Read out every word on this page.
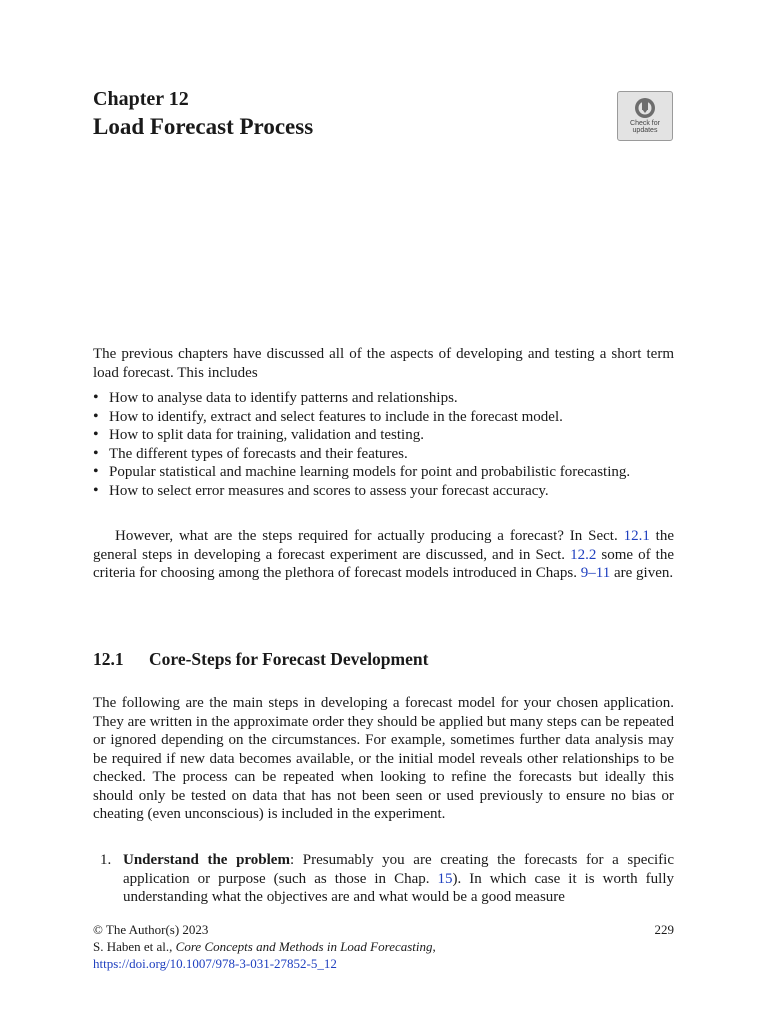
Chapter 12
Load Forecast Process	Check for
updates
The previous chapters have discussed all of the aspects of developing and testing a short term load forecast. This includes
• How to analyse data to identify patterns and relationships.
• How to identify, extract and select features to include in the forecast model.
• How to split data for training, validation and testing.
• The different types of forecasts and their features.
• Popular statistical and machine learning models for point and probabilistic forecasting.
• How to select error measures and scores to assess your forecast accuracy.
However, what are the steps required for actually producing a forecast? In Sect. 12.1 the general steps in developing a forecast experiment are discussed, and in Sect. 12.2 some of the criteria for choosing among the plethora of forecast models introduced in Chaps. 9–11 are given.
12.1 Core-Steps for Forecast Development
The following are the main steps in developing a forecast model for your chosen application. They are written in the approximate order they should be applied but many steps can be repeated or ignored depending on the circumstances. For example, sometimes further data analysis may be required if new data becomes available, or the initial model reveals other relationships to be checked. The process can be repeated when looking to refine the forecasts but ideally this should only be tested on data that has not been seen or used previously to ensure no bias or cheating (even unconscious) is included in the experiment.
1. Understand the problem: Presumably you are creating the forecasts for a specific application or purpose (such as those in Chap. 15). In which case it is worth fully understanding what the objectives are and what would be a good measure
© The Author(s) 2023	229
S. Haben et al., Core Concepts and Methods in Load Forecasting,
https://doi.org/10.1007/978-3-031-27852-5_12
